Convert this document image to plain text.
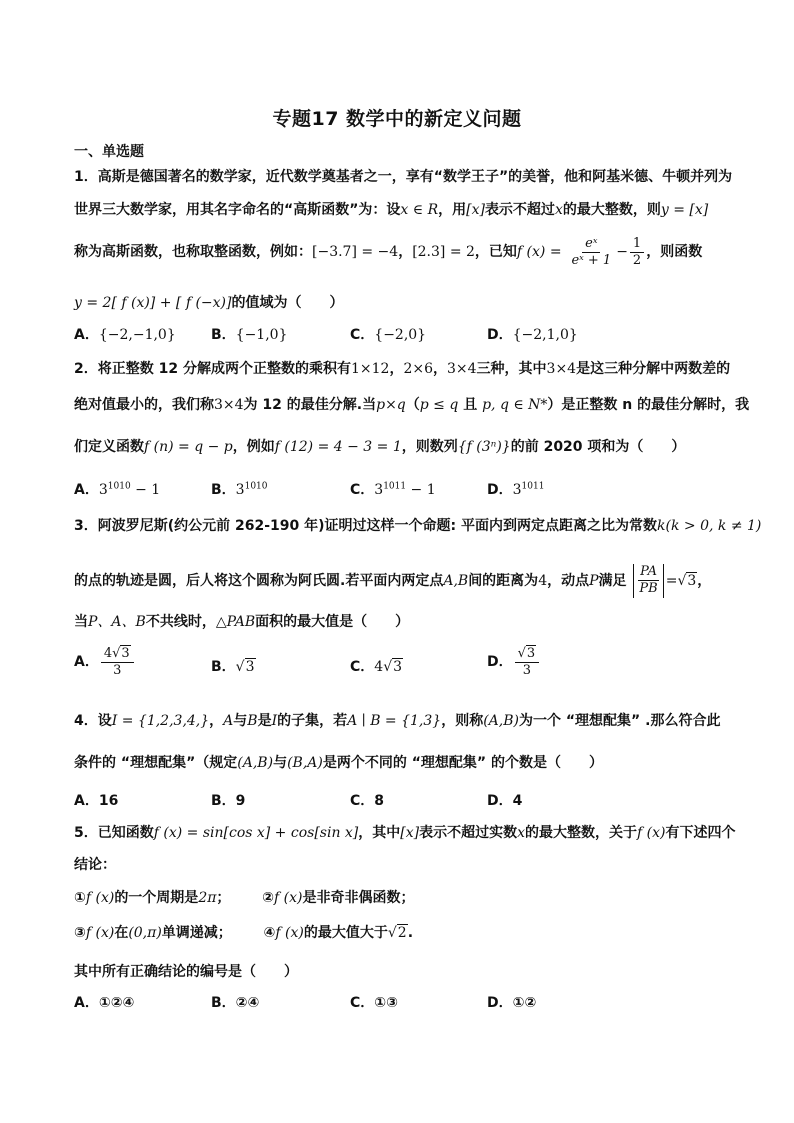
专题17 数学中的新定义问题
一、单选题
1．高斯是德国著名的数学家，近代数学奠基者之一，享有“数学王子”的美誉，他和阿基米德、牛顿并列为
世界三大数学家，用其名字命名的“高斯函数”为：设x ∈ R，用[x]表示不超过x的最大整数，则y = [x]
称为高斯函数，也称取整函数，例如：[−3.7] = −4，[2.3] = 2，已知f $(x) = \frac{\text{eˣ}}{\text{eˣ + 1}} - \frac{1}{2}$ ，则函数
y = 2[ f (x)] + [ f (−x)]的值域为（　　）
A．{−2,−1,0}	B．{−1,0}	C．{−2,0}	D．{−2,1,0}
2．将正整数 12 分解成两个正整数的乘积有1×12，2×6，3×4三种，其中3×4是这三种分解中两数差的
绝对值最小的，我们称3×4为 12 的最佳分解.当p×q（p ≤ q 且 p, q ∈ N*）是正整数 n 的最佳分解时，我
们定义函数f (n) = q − p，例如f (12) = 4 − 3 = 1，则数列{f (3ⁿ)}的前 2020 项和为（　　）
A．$3^{1010} - 1$	B．$3^{1010}$	C．$3^{1011} - 1$	D．$3^{1011}$
3．阿波罗尼斯(约公元前 262-190 年)证明过这样一个命题: 平面内到两定点距离之比为常数k(k > 0, k ≠ 1)
的点的轨迹是圆，后人将这个圆称为阿氏圆.若平面内两定点A,B间的距离为4，动点P满足 $\frac{PA}{PB} =√3$，
当P、A、B不共线时，△PAB面积的最大值是（　　）
A． $\frac{4√3}{3}$	B．√3	C．4√3	D． $\frac{√3}{3}$
4．设I = {1,2,3,4,}，A与B是I的子集，若A ∣ B = {1,3}，则称(A,B)为一个 “理想配集” .那么符合此
条件的 “理想配集”（规定(A,B)与(B,A)是两个不同的 “理想配集” 的个数是（　　）
A．16	B．9	C．8	D．4
5．已知函数f (x) = sin[cos x] + cos[sin x]，其中[x]表示不超过实数x的最大整数，关于f (x)有下述四个
结论：
①f (x)的一个周期是2π； ②f (x)是非奇非偶函数；
③f (x)在(0,π)单调递减； ④f (x)的最大值大于√2.
其中所有正确结论的编号是（　　）
A．①②④	B．②④	C．①③	D．①②
